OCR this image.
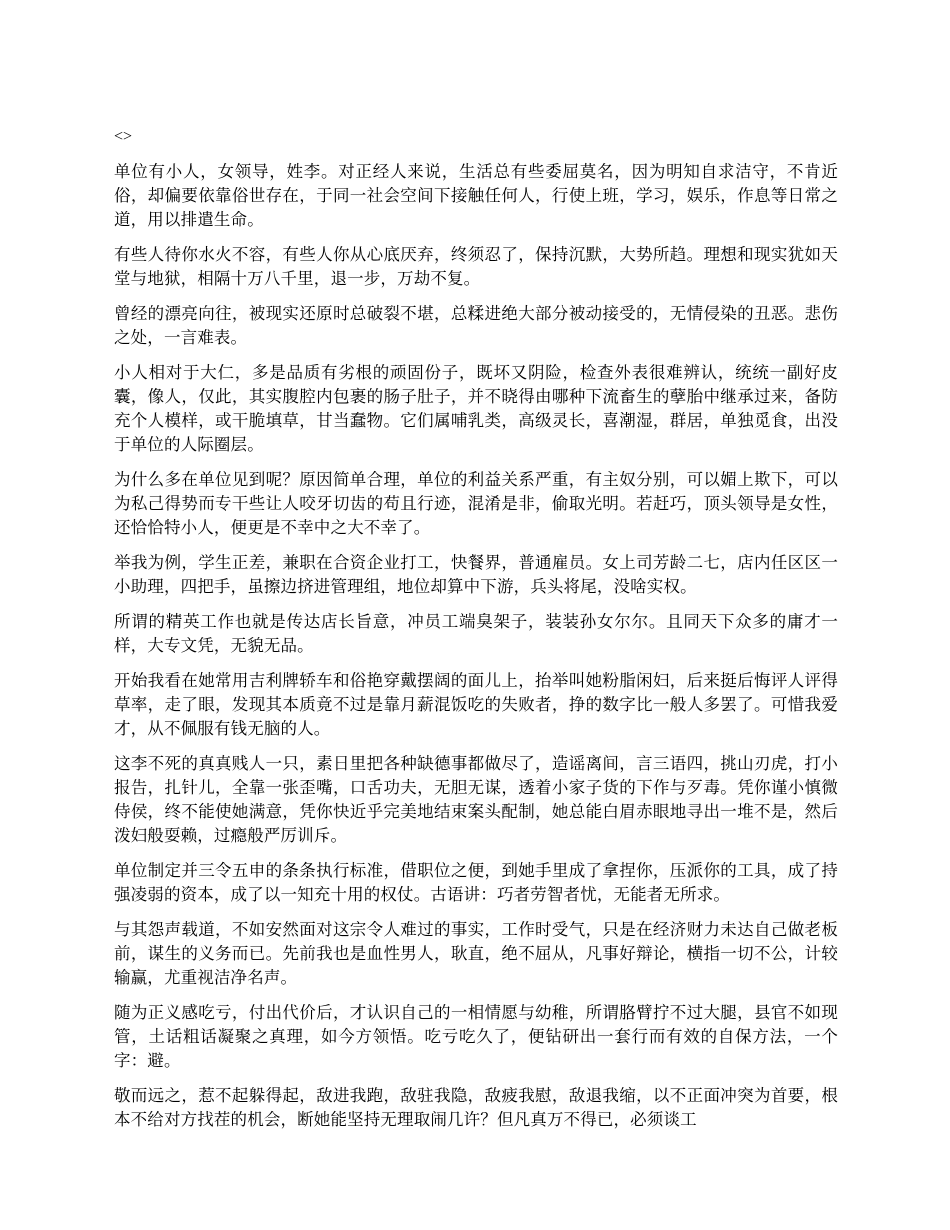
<>

单位有小人，女领导，姓李。对正经人来说，生活总有些委屈莫名，因为明知自求洁守，不肯近俗，却偏要依靠俗世存在，于同一社会空间下接触任何人，行使上班，学习，娱乐，作息等日常之道，用以排遣生命。

有些人待你水火不容，有些人你从心底厌弃，终须忍了，保持沉默，大势所趋。理想和现实犹如天堂与地狱，相隔十万八千里，退一步，万劫不复。

曾经的漂亮向往，被现实还原时总破裂不堪，总糅进绝大部分被动接受的，无情侵染的丑恶。悲伤之处，一言难表。

小人相对于大仁，多是品质有劣根的顽固份子，既坏又阴险，检查外表很难辨认，统统一副好皮囊，像人，仅此，其实腹腔内包裹的肠子肚子，并不晓得由哪种下流畜生的孽胎中继承过来，备防充个人模样，或干脆填草，甘当蠢物。它们属哺乳类，高级灵长，喜潮湿，群居，单独觅食，出没于单位的人际圈层。

为什么多在单位见到呢？原因简单合理，单位的利益关系严重，有主奴分别，可以媚上欺下，可以为私己得势而专干些让人咬牙切齿的苟且行迹，混淆是非，偷取光明。若赶巧，顶头领导是女性，还恰恰特小人，便更是不幸中之大不幸了。

举我为例，学生正差，兼职在合资企业打工，快餐界，普通雇员。女上司芳龄二七，店内任区区一小助理，四把手，虽擦边挤进管理组，地位却算中下游，兵头将尾，没啥实权。

所谓的精英工作也就是传达店长旨意，冲员工端臭架子，装装孙女尔尔。且同天下众多的庸才一样，大专文凭，无貌无品。

开始我看在她常用吉利牌轿车和俗艳穿戴摆阔的面儿上，抬举叫她粉脂闲妇，后来挺后悔评人评得草率，走了眼，发现其本质竟不过是靠月薪混饭吃的失败者，挣的数字比一般人多罢了。可惜我爱才，从不佩服有钱无脑的人。

这李不死的真真贱人一只，素日里把各种缺德事都做尽了，造谣离间，言三语四，挑山刃虎，打小报告，扎针儿，全靠一张歪嘴，口舌功夫，无胆无谋，透着小家子货的下作与歹毒。凭你谨小慎微侍侯，终不能使她满意，凭你快近乎完美地结束案头配制，她总能白眉赤眼地寻出一堆不是，然后泼妇般耍赖，过瘾般严厉训斥。

单位制定并三令五申的条条执行标准，借职位之便，到她手里成了拿捏你，压派你的工具，成了持强凌弱的资本，成了以一知充十用的权仗。古语讲：巧者劳智者忧，无能者无所求。

与其怨声载道，不如安然面对这宗令人难过的事实，工作时受气，只是在经济财力未达自己做老板前，谋生的义务而已。先前我也是血性男人，耿直，绝不屈从，凡事好辩论，横指一切不公，计较输赢，尤重视洁净名声。

随为正义感吃亏，付出代价后，才认识自己的一相情愿与幼稚，所谓胳臂拧不过大腿，县官不如现管，土话粗话凝聚之真理，如今方领悟。吃亏吃久了，便钻研出一套行而有效的自保方法，一个字：避。

敬而远之，惹不起躲得起，敌进我跑，敌驻我隐，敌疲我慰，敌退我缩，以不正面冲突为首要，根本不给对方找茬的机会，断她能坚持无理取闹几许？但凡真万不得已，必须谈工
